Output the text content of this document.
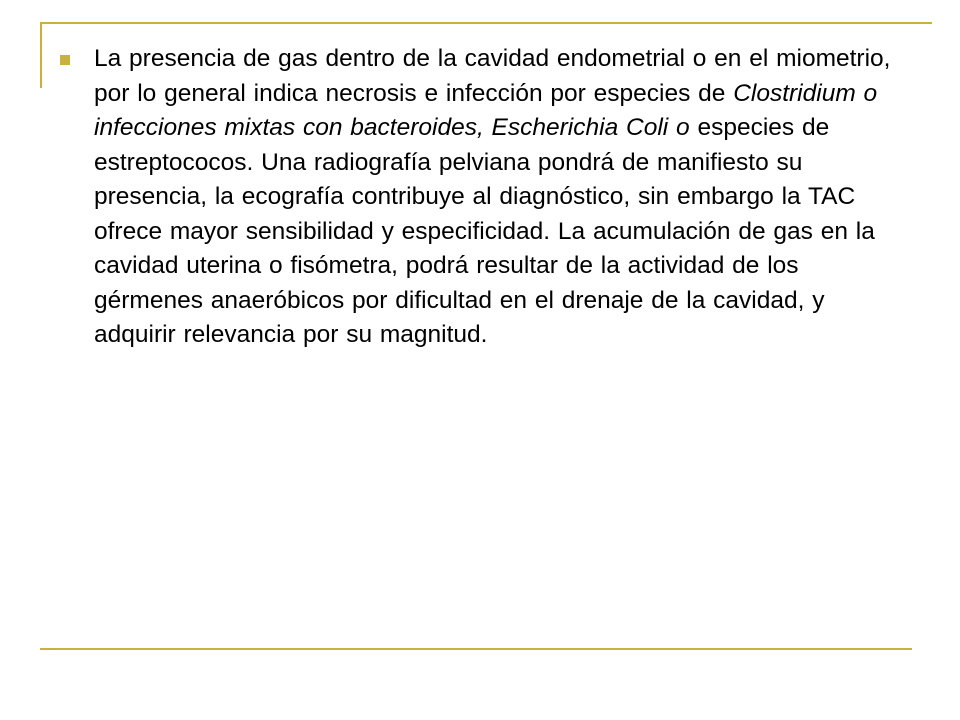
La presencia de gas dentro de la cavidad endometrial o en el miometrio, por lo general indica necrosis e infección por especies de Clostridium o infecciones mixtas con bacteroides, Escherichia Coli o especies de estreptococos. Una radiografía pelviana pondrá de manifiesto su presencia, la ecografía contribuye al diagnóstico, sin embargo la TAC ofrece mayor sensibilidad y especificidad. La acumulación de gas en la cavidad uterina o fisómetra, podrá resultar de la actividad de los gérmenes anaeróbicos por dificultad en el drenaje de la cavidad, y adquirir relevancia por su magnitud.
